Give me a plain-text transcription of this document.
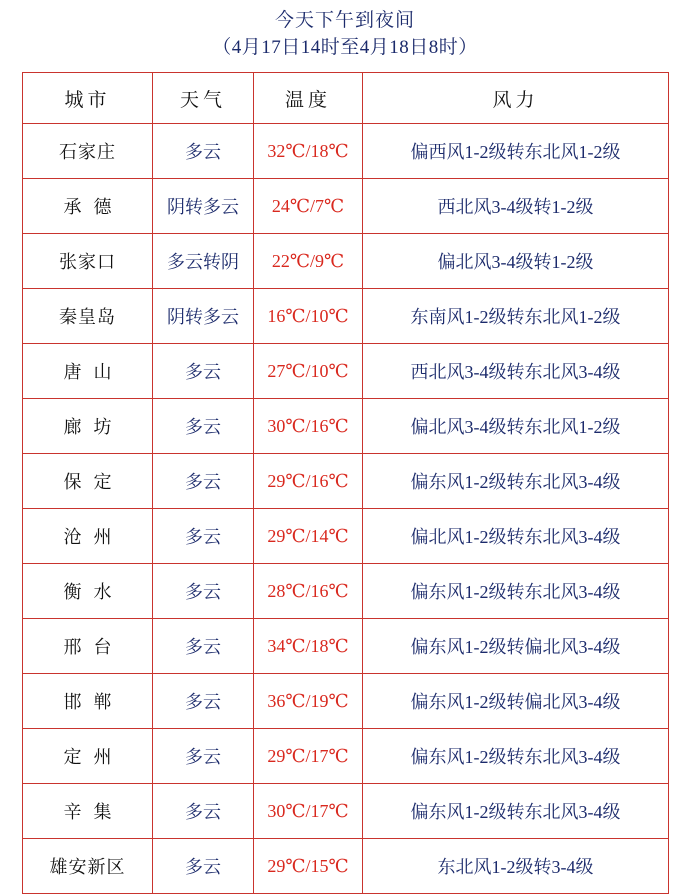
今天下午到夜间
（4月17日14时至4月18日8时）
城市	天气	温度	风力
石家庄	多云	32℃/18℃	偏西风1-2级转东北风1-2级
承德	阴转多云	24℃/7℃	西北风3-4级转1-2级
张家口	多云转阴	22℃/9℃	偏北风3-4级转1-2级
秦皇岛	阴转多云	16℃/10℃	东南风1-2级转东北风1-2级
唐山	多云	27℃/10℃	西北风3-4级转东北风3-4级
廊坊	多云	30℃/16℃	偏北风3-4级转东北风1-2级
保定	多云	29℃/16℃	偏东风1-2级转东北风3-4级
沧州	多云	29℃/14℃	偏北风1-2级转东北风3-4级
衡水	多云	28℃/16℃	偏东风1-2级转东北风3-4级
邢台	多云	34℃/18℃	偏东风1-2级转偏北风3-4级
邯郸	多云	36℃/19℃	偏东风1-2级转偏北风3-4级
定州	多云	29℃/17℃	偏东风1-2级转东北风3-4级
辛集	多云	30℃/17℃	偏东风1-2级转东北风3-4级
雄安新区	多云	29℃/15℃	东北风1-2级转3-4级
